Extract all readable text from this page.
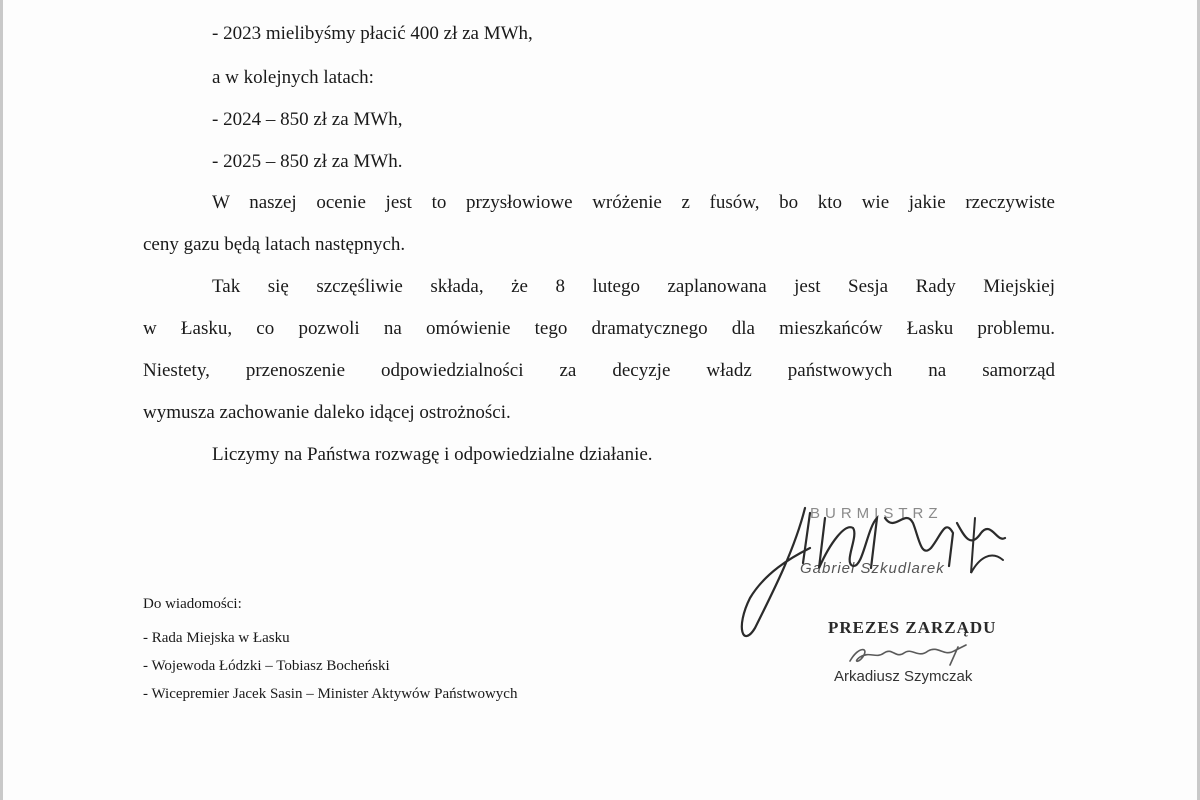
- 2023 mielibyśmy płacić 400 zł za MWh,
a w kolejnych latach:
- 2024 – 850 zł za MWh,
- 2025 – 850 zł za MWh.
W naszej ocenie jest to przysłowiowe wróżenie z fusów, bo kto wie jakie rzeczywiste
ceny gazu będą latach następnych.
Tak się szczęśliwie składa, że 8 lutego zaplanowana jest Sesja Rady Miejskiej
w Łasku, co pozwoli na omówienie tego dramatycznego dla mieszkańców Łasku problemu.
Niestety, przenoszenie odpowiedzialności za decyzje władz państwowych na samorząd
wymusza zachowanie daleko idącej ostrożności.
Liczymy na Państwa rozwagę i odpowiedzialne działanie.
Do wiadomości:
- Rada Miejska w Łasku
- Wojewoda Łódzki – Tobiasz Bocheński
- Wicepremier Jacek Sasin – Minister Aktywów Państwowych
BURMISTRZ
Gabriel Szkudlarek
PREZES ZARZĄDU
Arkadiusz Szymczak
